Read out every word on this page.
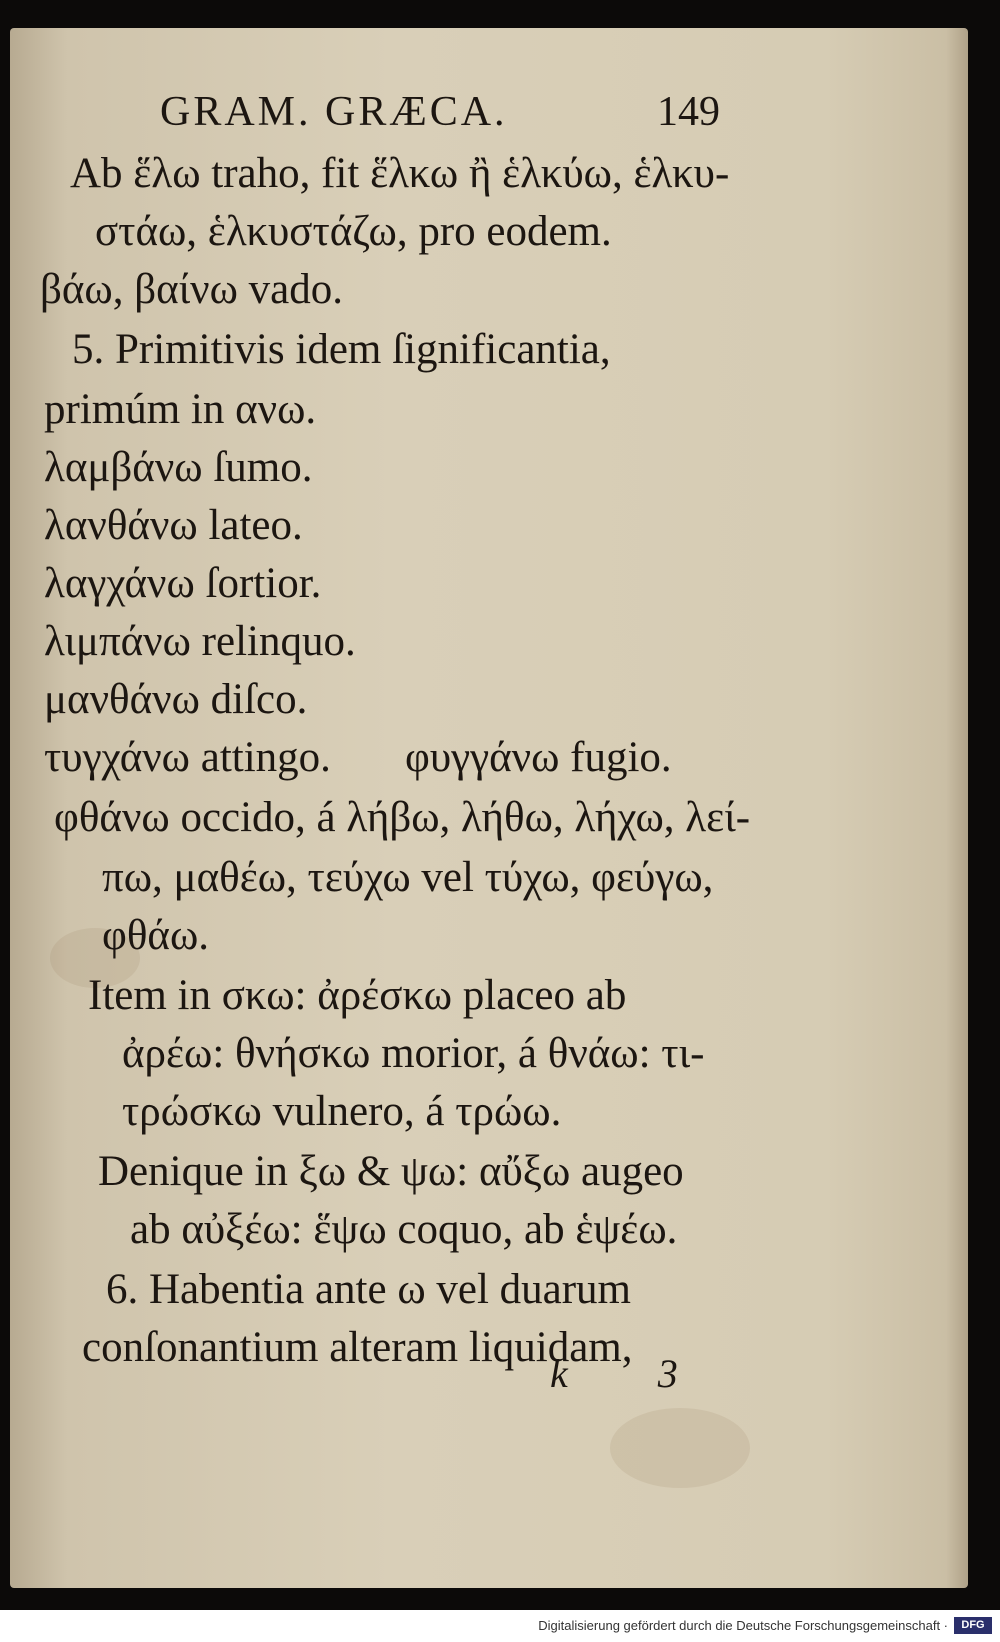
GRAM. GRÆCA.	149
Ab ἕλω traho, fit ἕλκω ἢ ἑλκύω, ἑλκυ-
στάω, ἑλκυστάζω, pro eodem.
βάω, βαίνω vado.
5. Primitivis idem ſignificantia,
primúm in ανω.
λαμβάνω ſumo.
λανθάνω lateo.
λαγχάνω ſortior.
λιμπάνω relinquo.
μανθάνω diſco.
τυγχάνω attingo. φυγγάνω fugio.
φθάνω occido, á λήβω, λήθω, λήχω, λεί-
πω, μαθέω, τεύχω vel τύχω, φεύγω,
φθάω.
Item in σκω: ἀρέσκω placeo ab
ἀρέω: θνήσκω morior, á θνάω: τι-
τρώσκω vulnero, á τρώω.
Denique in ξω & ψω: αὔξω augeo
ab αὐξέω: ἕψω coquo, ab ἑψέω.
6. Habentia ante ω vel duarum
conſonantium alteram liquidam,
k 3
Digitalisierung gefördert durch die Deutsche Forschungsgemeinschaft ·	DFG
